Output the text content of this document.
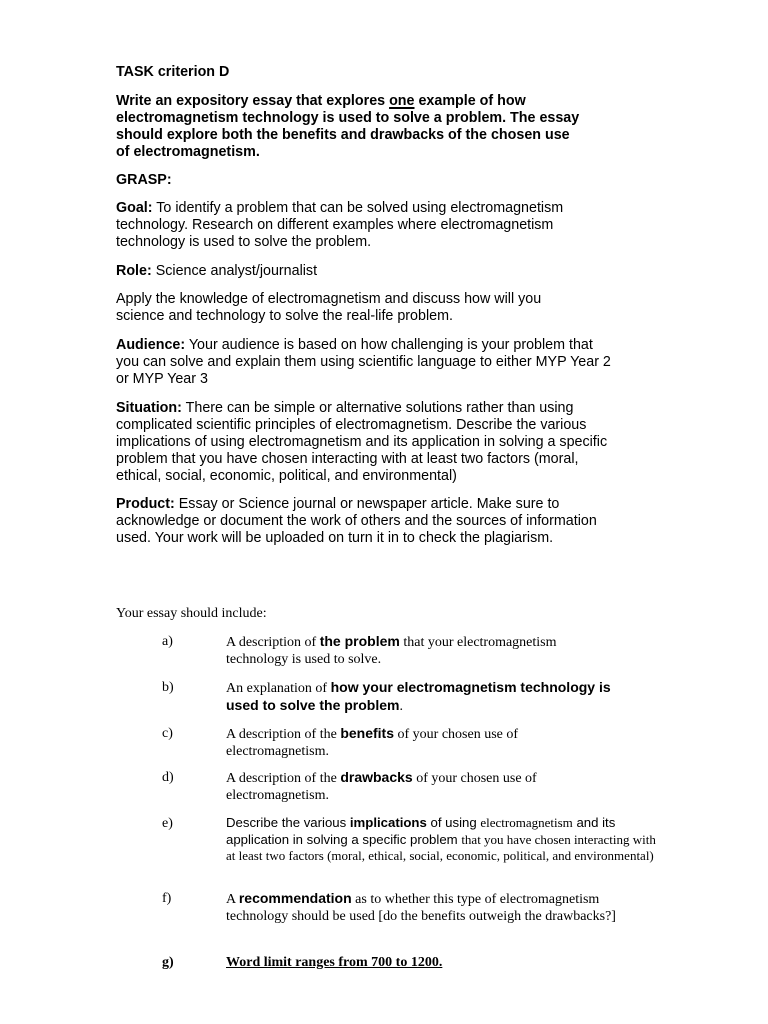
TASK criterion D
Write an expository essay that explores one example of how electromagnetism technology is used to solve a problem. The essay should explore both the benefits and drawbacks of the chosen use of electromagnetism.
GRASP:
Goal: To identify a problem that can be solved using electromagnetism technology. Research on different examples where electromagnetism technology is used to solve the problem.
Role: Science analyst/journalist
Apply the knowledge of electromagnetism and discuss how will you science and technology to solve the real-life problem.
Audience: Your audience is based on how challenging is your problem that you can solve and explain them using scientific language to either MYP Year 2 or MYP Year 3
Situation: There can be simple or alternative solutions rather than using complicated scientific principles of electromagnetism. Describe the various implications of using electromagnetism and its application in solving a specific problem that you have chosen interacting with at least two factors (moral, ethical, social, economic, political, and environmental)
Product: Essay or Science journal or newspaper article. Make sure to acknowledge or document the work of others and the sources of information used. Your work will be uploaded on turn it in to check the plagiarism.
Your essay should include:
a)	A description of the problem that your electromagnetism technology is used to solve.
b)	An explanation of how your electromagnetism technology is used to solve the problem.
c)	A description of the benefits of your chosen use of electromagnetism.
d)	A description of the drawbacks of your chosen use of electromagnetism.
e)	Describe the various implications of using electromagnetism and its application in solving a specific problem that you have chosen interacting with at least two factors (moral, ethical, social, economic, political, and environmental)
f)	A recommendation as to whether this type of electromagnetism technology should be used [do the benefits outweigh the drawbacks?]
g)	Word limit ranges from 700 to 1200.
